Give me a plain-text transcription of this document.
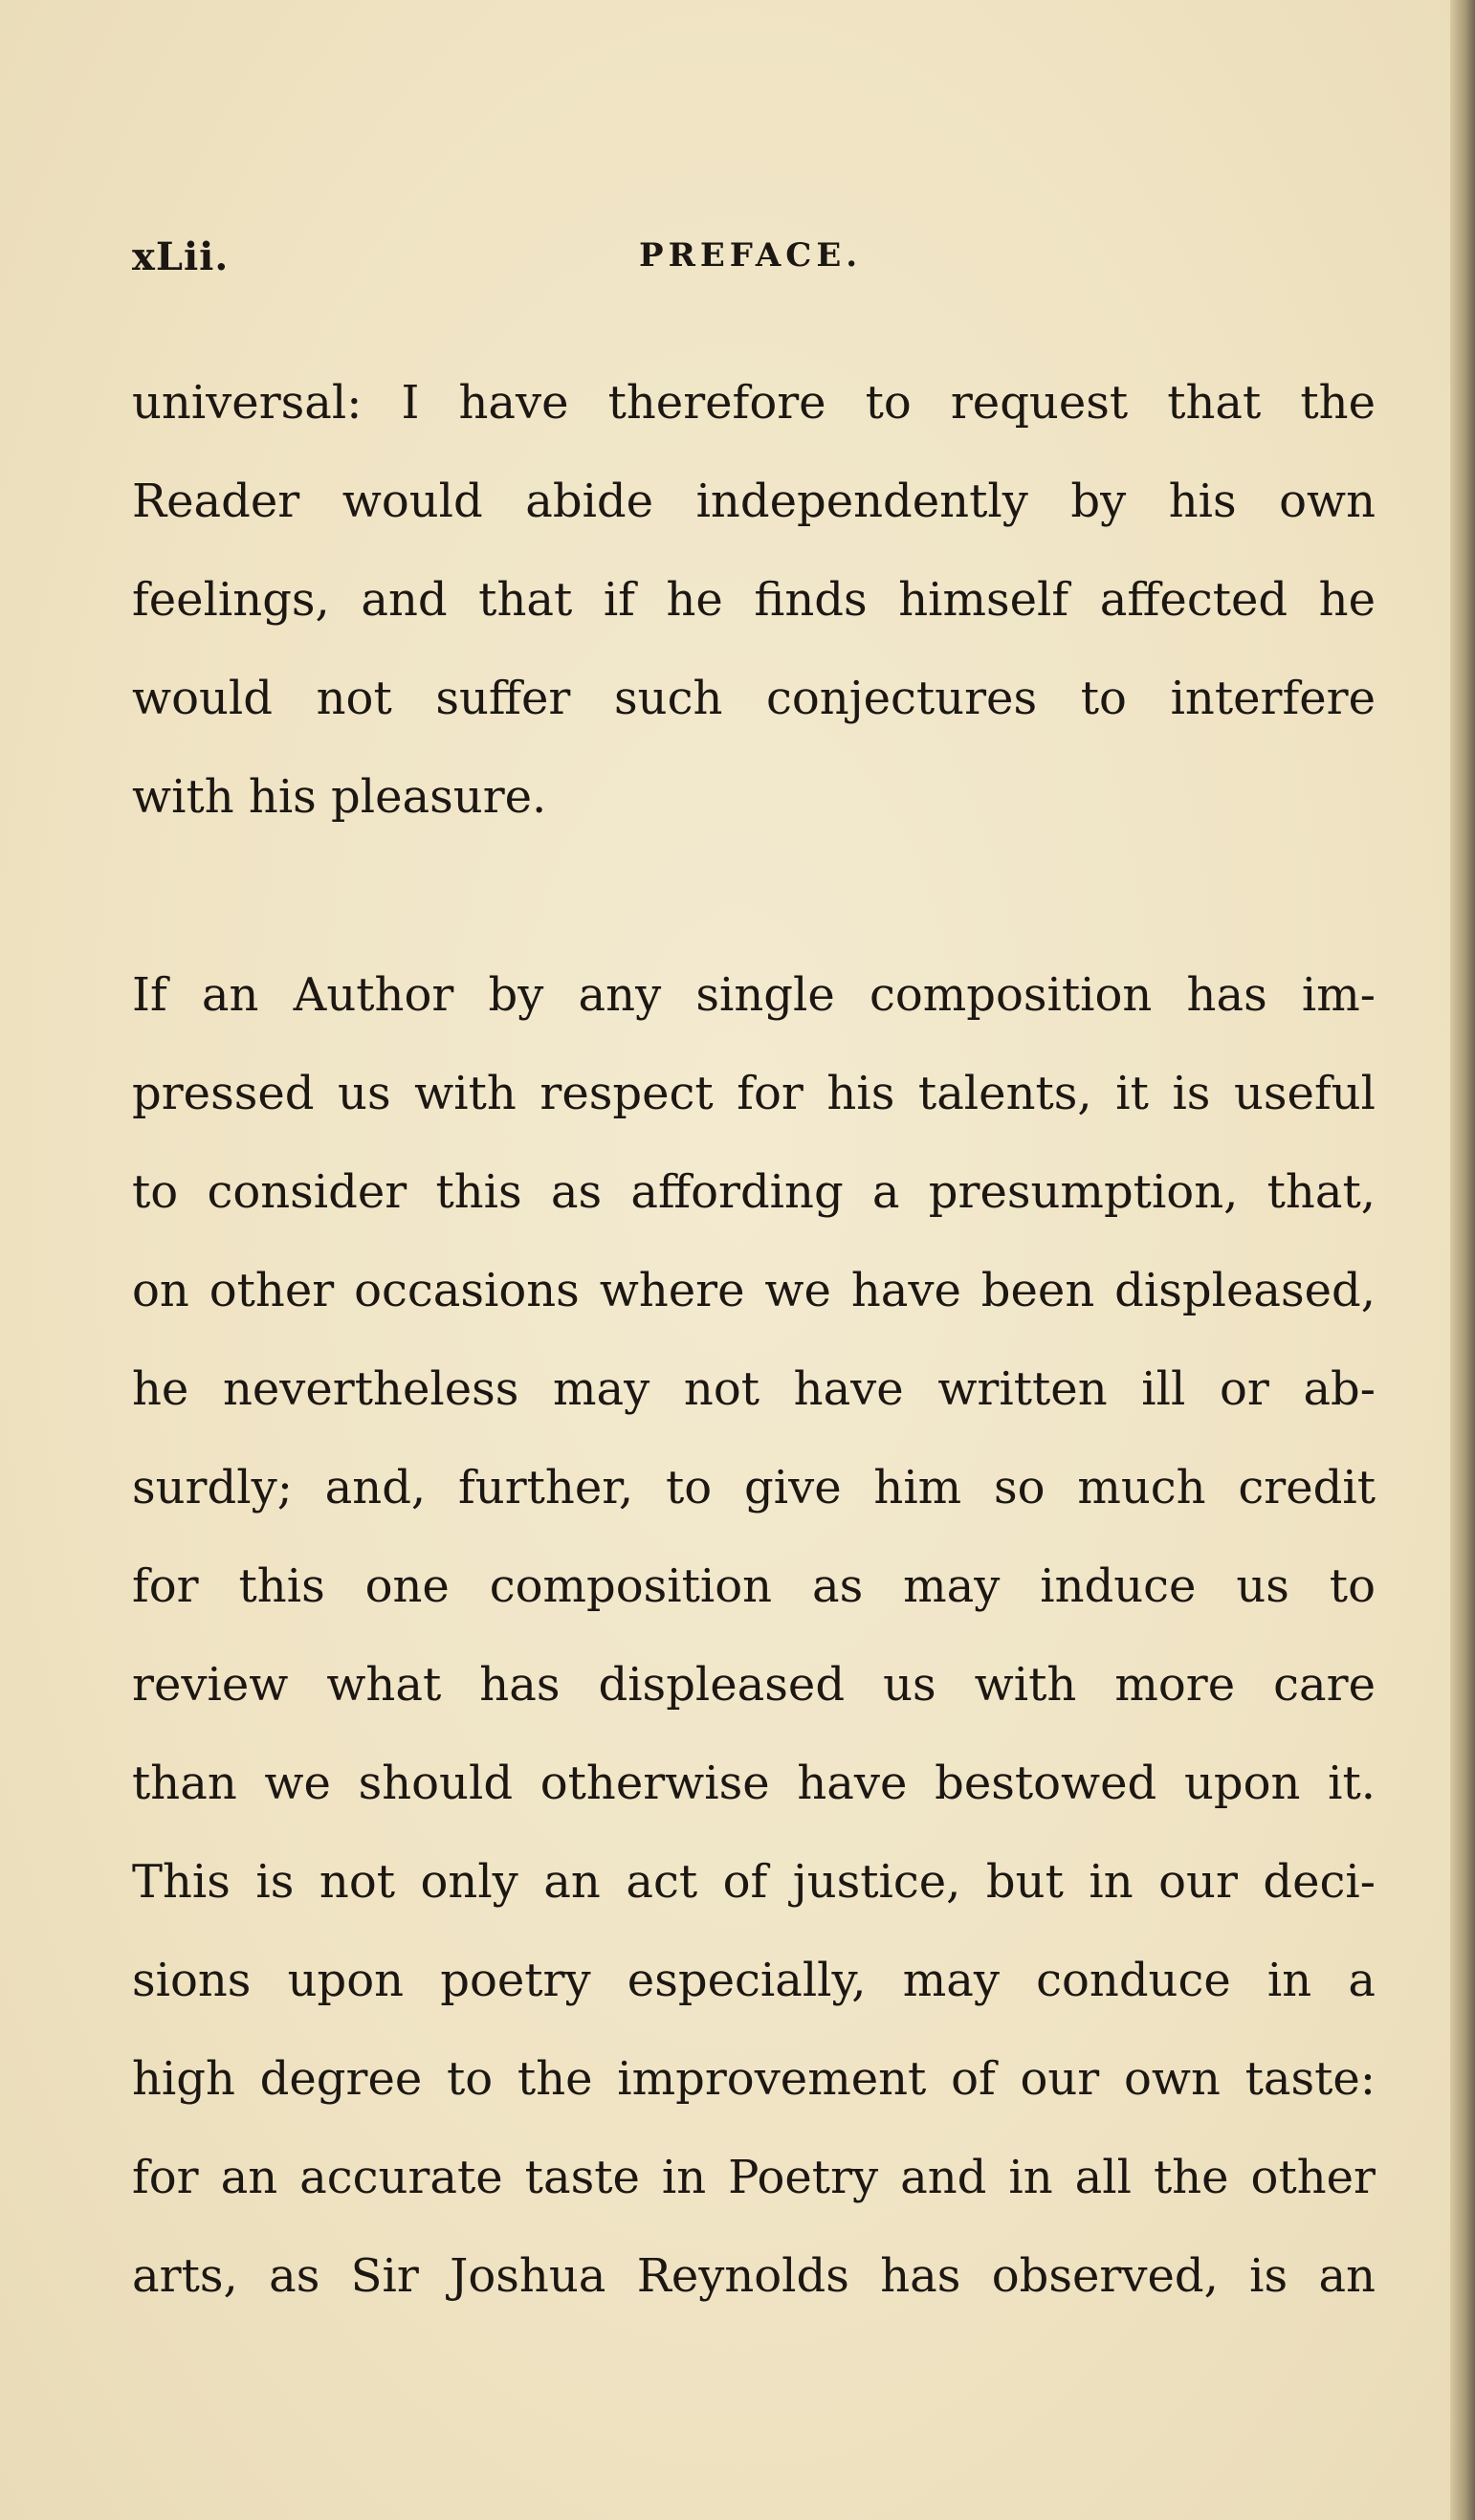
xLii.	PREFACE.
universal: I have therefore to request that the
Reader would abide independently by his own
feelings, and that if he finds himself affected he
would not suffer such conjectures to interfere
with his pleasure.
If an Author by any single composition has im-
pressed us with respect for his talents, it is useful
to consider this as affording a presumption, that,
on other occasions where we have been displeased,
he nevertheless may not have written ill or ab-
surdly; and, further, to give him so much credit
for this one composition as may induce us to
review what has displeased us with more care
than we should otherwise have bestowed upon it.
This is not only an act of justice, but in our deci-
sions upon poetry especially, may conduce in a
high degree to the improvement of our own taste:
for an accurate taste in Poetry and in all the other
arts, as Sir Joshua Reynolds has observed, is an
